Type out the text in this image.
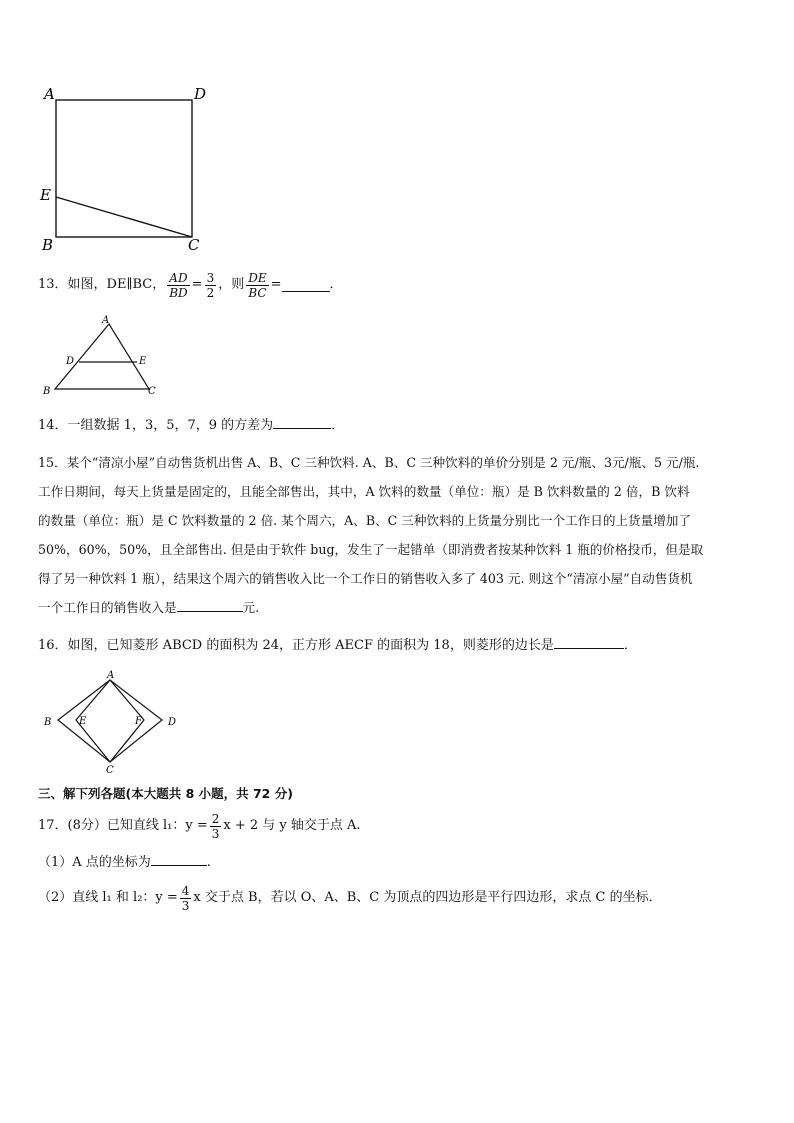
A	D
E
B	C
13 ．如图，DE∥BC， $\frac{AD}{BD} = \frac{3}{2}$ ，则 $\frac{DE}{BC}$ =	．
A
D	E
B	C
14．一组数据 1，3，5，7，9 的方差为	．
15．某个“清凉小屋”自动售货机出售 A、B、C 三种饮料. A、B、C 三种饮料的单价分别是 2 元/瓶、3元/瓶、5 元/瓶.
工作日期间，每天上货量是固定的，且能全部售出，其中，A 饮料的数量（单位：瓶）是 B 饮料数量的 2 倍，B 饮料
的数量（单位：瓶）是 C 饮料数量的 2 倍. 某个周六，A、B、C 三种饮料的上货量分别比一个工作日的上货量增加了
50%，60%，50%，且全部售出. 但是由于软件 bug，发生了一起错单（即消费者按某种饮料 1 瓶的价格投币，但是取
得了另一种饮料 1 瓶），结果这个周六的销售收入比一个工作日的销售收入多了 403 元. 则这个“清凉小屋”自动售货机
一个工作日的销售收入是	元.
16．如图，已知菱形 ABCD 的面积为 24，正方形 AECF 的面积为 18，则菱形的边长是	．
A
B	E	F	D
C
三、解下列各题(本大题共 8 小题，共 72 分)
17 ．(8分）已知直线 l₁：$y = \frac{2}{3}$ x + 2 与 y 轴交于点 A.
（1）A 点的坐标为	.
（2）直线 l₁ 和 l₂：$y = \frac{4}{3}$ x 交于点 B，若以 O、A、B、C 为顶点的四边形是平行四边形，求点 C 的坐标．
